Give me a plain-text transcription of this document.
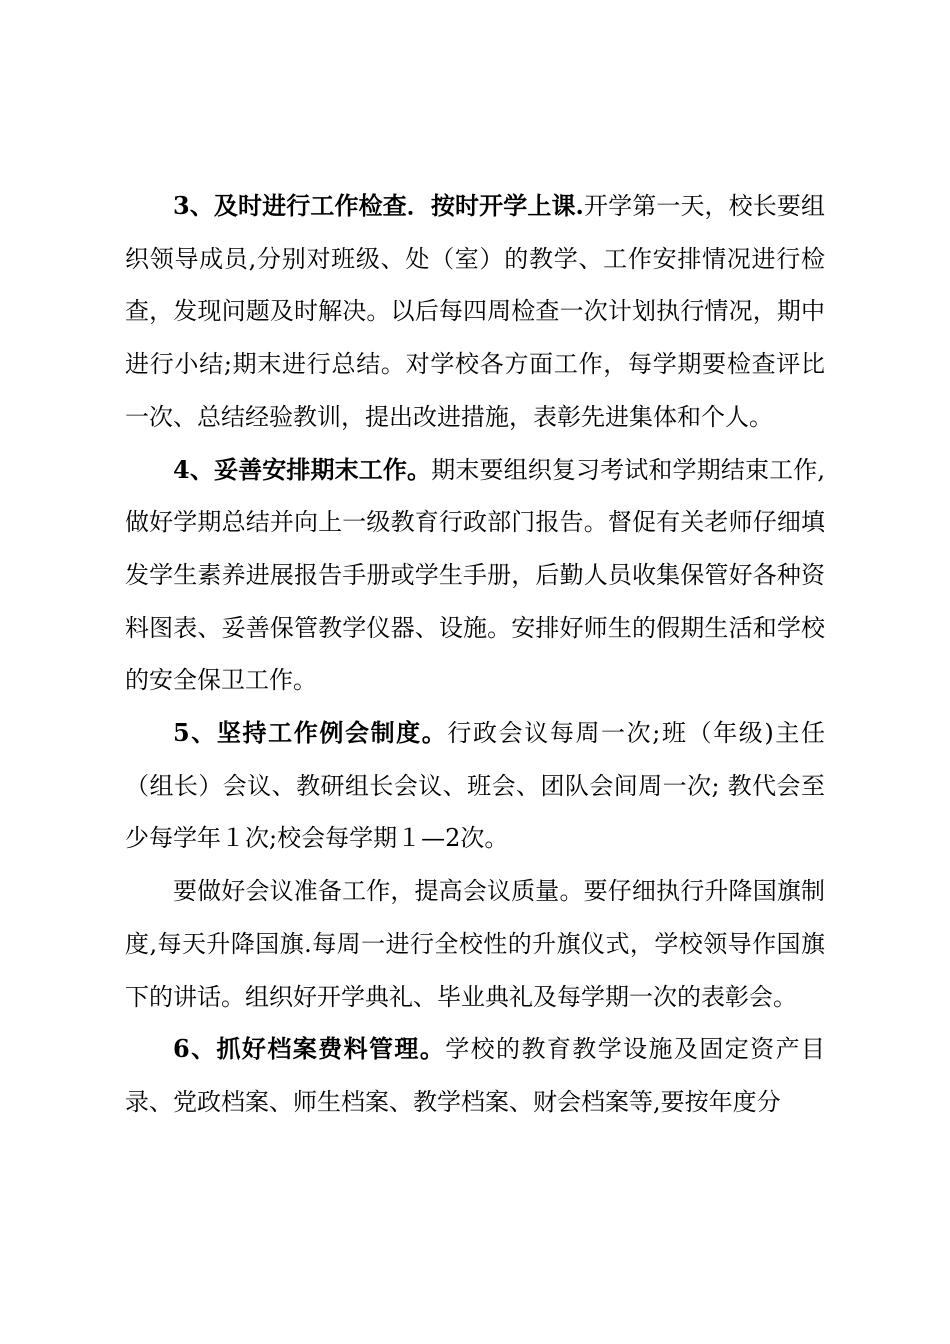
3、及时进行工作检查．按时开学上课.开学第一天，校长要组织领导成员,分别对班级、处（室）的教学、工作安排情况进行检查，发现问题及时解决。以后每四周检查一次计划执行情况，期中进行小结;期末进行总结。对学校各方面工作，每学期要检查评比一次、总结经验教训，提出改进措施，表彰先进集体和个人。

4、妥善安排期末工作。期末要组织复习考试和学期结束工作,做好学期总结并向上一级教育行政部门报告。督促有关老师仔细填发学生素养进展报告手册或学生手册，后勤人员收集保管好各种资料图表、妥善保管教学仪器、设施。安排好师生的假期生活和学校的安全保卫工作。

5、坚持工作例会制度。行政会议每周一次;班（年级)主任（组长）会议、教研组长会议、班会、团队会间周一次; 教代会至少每学年１次;校会每学期１—2次。

要做好会议准备工作，提高会议质量。要仔细执行升降国旗制度,每天升降国旗.每周一进行全校性的升旗仪式，学校领导作国旗下的讲话。组织好开学典礼、毕业典礼及每学期一次的表彰会。

6、抓好档案费料管理。学校的教育教学设施及固定资产目录、党政档案、师生档案、教学档案、财会档案等,要按年度分
